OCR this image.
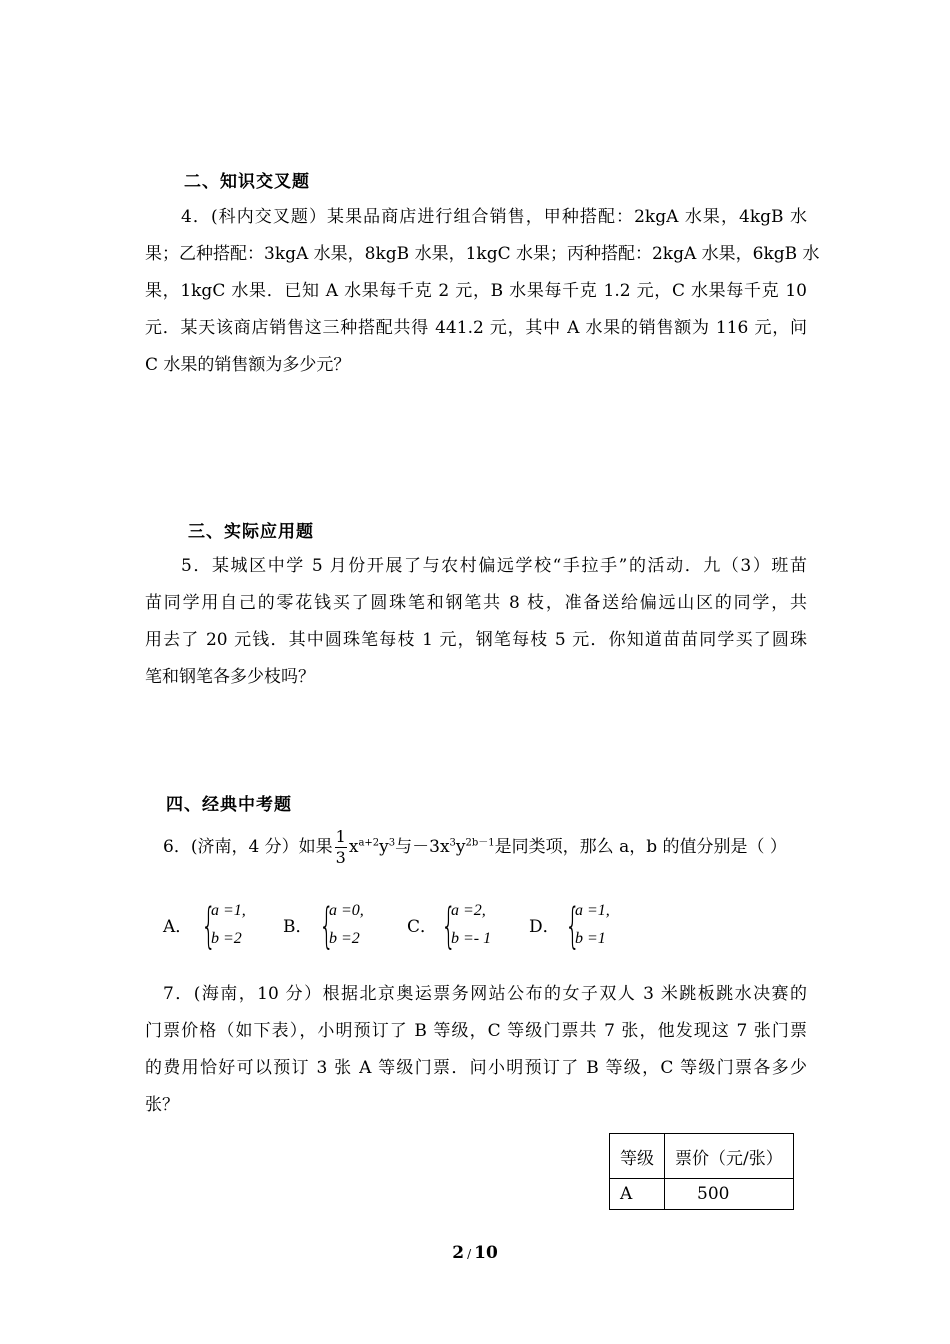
二、知识交叉题
4．(科内交叉题）某果品商店进行组合销售，甲种搭配：2kgA 水果，4kgB 水
果；乙种搭配：3kgA 水果，8kgB 水果，1kgC 水果；丙种搭配：2kgA 水果，6kgB 水
果，1kgC 水果．已知 A 水果每千克 2 元，B 水果每千克 1.2 元，C 水果每千克 10
元．某天该商店销售这三种搭配共得 441.2 元，其中 A 水果的销售额为 116 元，问
C 水果的销售额为多少元？
三、实际应用题
5．某城区中学 5 月份开展了与农村偏远学校“手拉手”的活动．九（3）班苗
苗同学用自己的零花钱买了圆珠笔和钢笔共 8 枝，准备送给偏远山区的同学，共
用去了 20 元钱．其中圆珠笔每枝 1 元，钢笔每枝 5 元．你知道苗苗同学买了圆珠
笔和钢笔各多少枝吗？
四、经典中考题
6．(济南，4 分）如果 $\frac{1}{3} x^{a+2}y^3$与$-3x^3y^{2b-1}$是同类项，那么 a，b 的值分别是（ ）
A． {
a =1,
b =2
B． {
a =0,
b =2
C． {
a =2,
b =- 1
D． {
a =1,
b =1
7．(海南，10 分）根据北京奥运票务网站公布的女子双人 3 米跳板跳水决赛的
门票价格（如下表），小明预订了 B 等级，C 等级门票共 7 张，他发现这 7 张门票
的费用恰好可以预订 3 张 A 等级门票．问小明预订了 B 等级，C 等级门票各多少
张？
等级	票价（元/张）
A	500
2 / 10
